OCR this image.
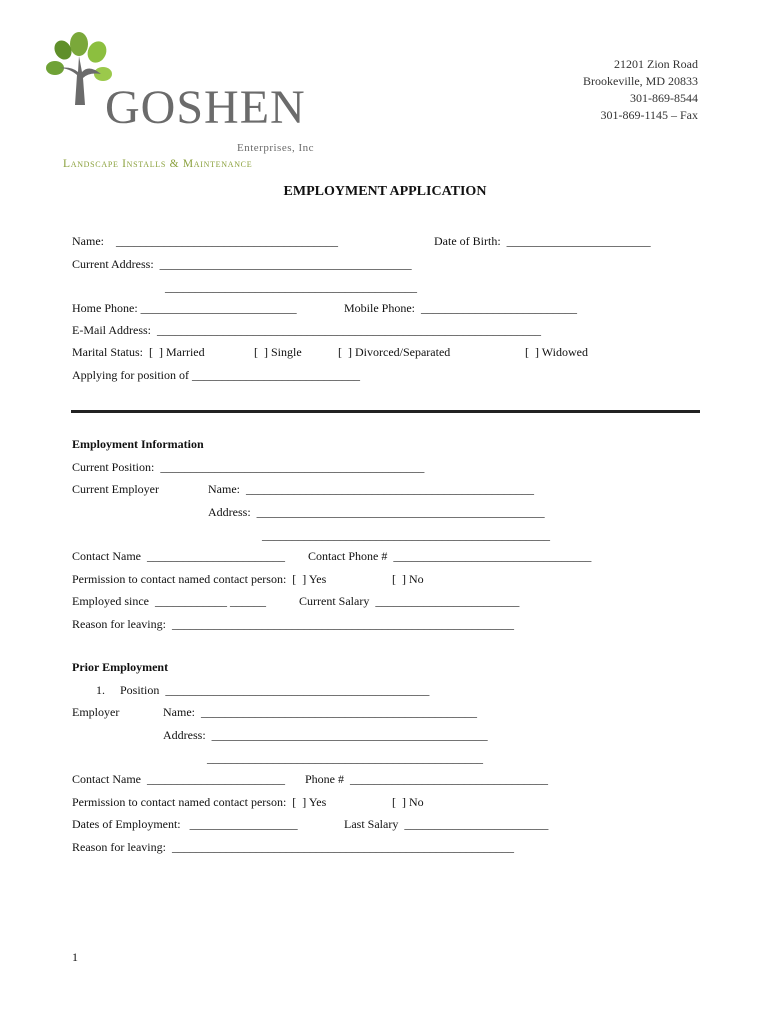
GOSHEN
Enterprises, Inc
Landscape Installs & Maintenance
21201 Zion Road
Brookeville, MD 20833
301-869-8544
301-869-1145 – Fax
EMPLOYMENT APPLICATION
Name:    _____________________________________	Date of Birth:  ________________________
Current Address:  __________________________________________
__________________________________________
Home Phone: __________________________	Mobile Phone:  __________________________
E-Mail Address:  ________________________________________________________________
Marital Status:  [  ] Married	[  ] Single	[  ] Divorced/Separated	[  ] Widowed
Applying for position of ____________________________
Employment Information
Current Position:  ____________________________________________
Current Employer	Name:  ________________________________________________
Address:  ________________________________________________
________________________________________________
Contact Name  _______________________ Contact Phone #  _________________________________
Permission to contact named contact person:  [  ] Yes	[  ] No
Employed since  ____________ ______	Current Salary  ________________________
Reason for leaving:  _________________________________________________________
Prior Employment
1. Position  ____________________________________________
Employer	Name:  ______________________________________________
Address:  ______________________________________________
______________________________________________
Contact Name  _______________________ Phone #  _________________________________
Permission to contact named contact person:  [  ] Yes	[  ] No
Dates of Employment:   __________________	Last Salary  ________________________
Reason for leaving:  _________________________________________________________
1
